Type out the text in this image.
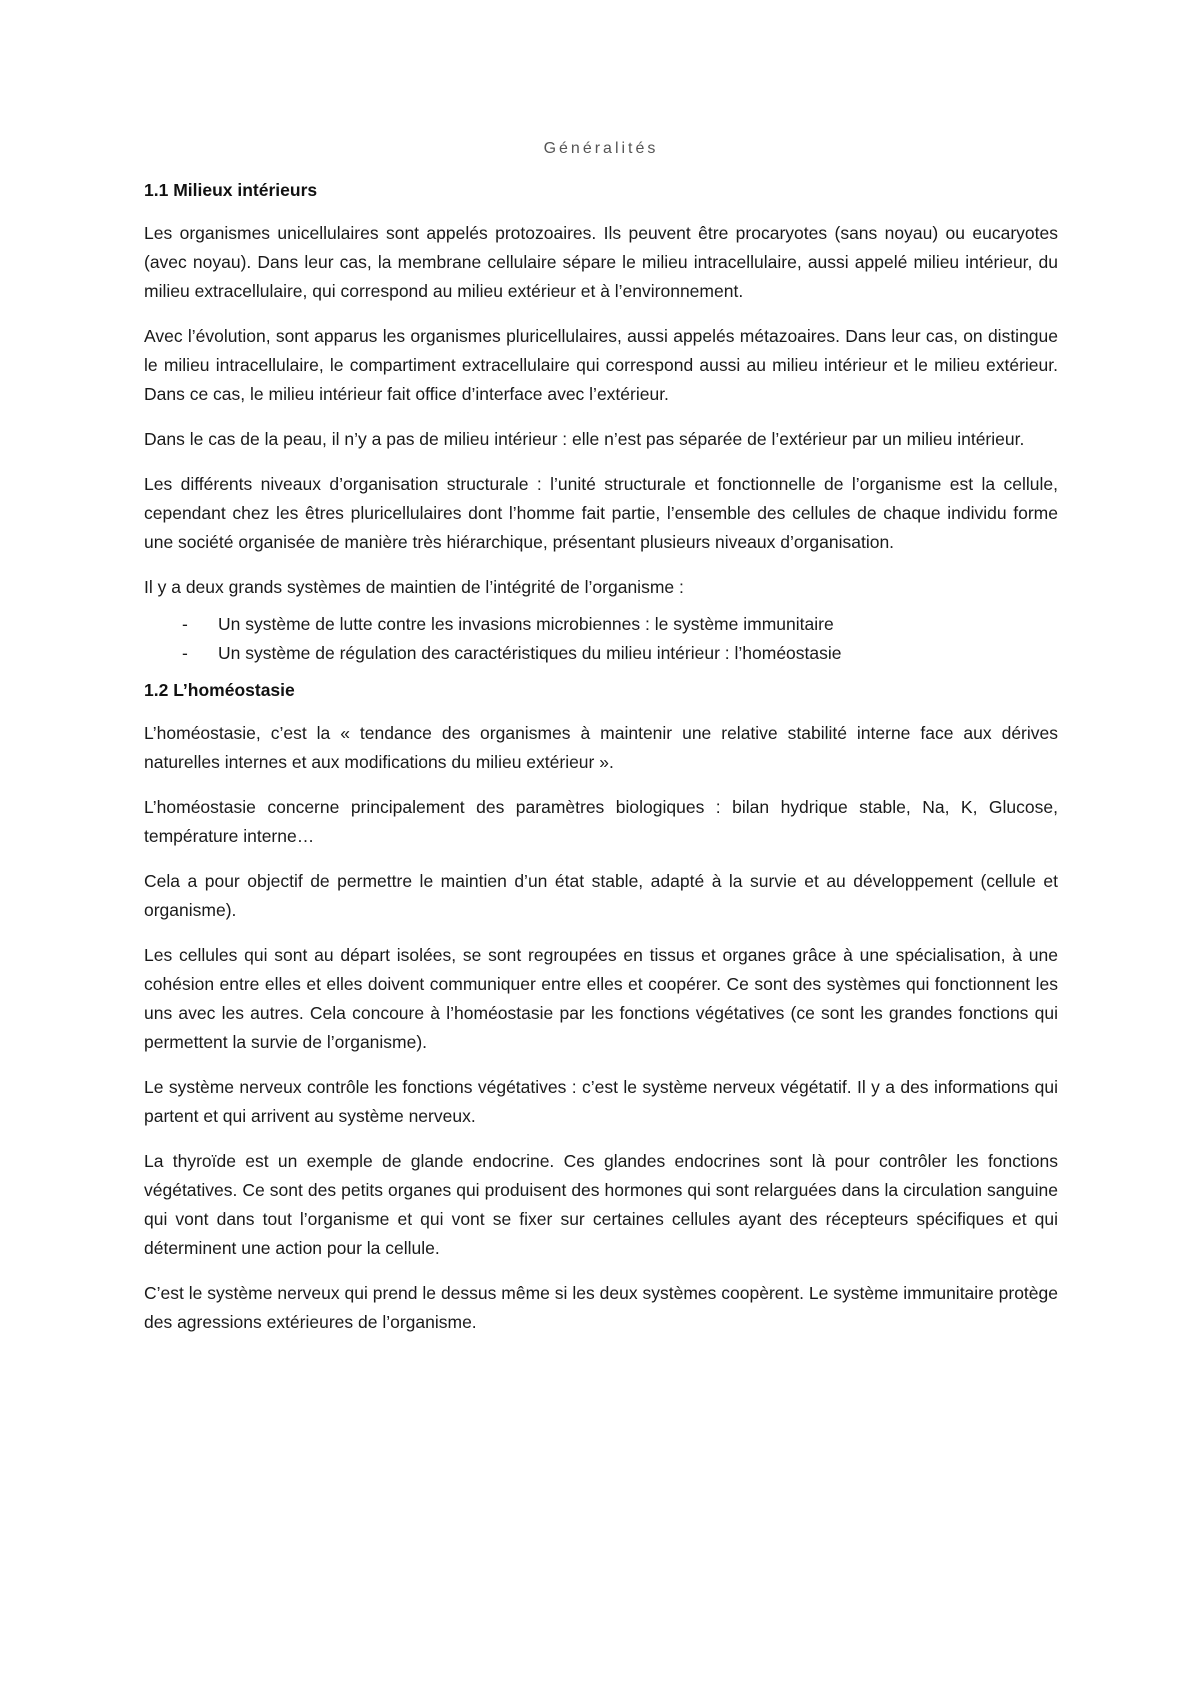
Généralités
1.1 Milieux intérieurs

Les organismes unicellulaires sont appelés protozoaires. Ils peuvent être procaryotes (sans noyau) ou eucaryotes (avec noyau). Dans leur cas, la membrane cellulaire sépare le milieu intracellulaire, aussi appelé milieu intérieur, du milieu extracellulaire, qui correspond au milieu extérieur et à l’environnement.

Avec l’évolution, sont apparus les organismes pluricellulaires, aussi appelés métazoaires. Dans leur cas, on distingue le milieu intracellulaire, le compartiment extracellulaire qui correspond aussi au milieu intérieur et le milieu extérieur. Dans ce cas, le milieu intérieur fait office d’interface avec l’extérieur.

Dans le cas de la peau, il n’y a pas de milieu intérieur : elle n’est pas séparée de l’extérieur par un milieu intérieur.

Les différents niveaux d’organisation structurale : l’unité structurale et fonctionnelle de l’organisme est la cellule, cependant chez les êtres pluricellulaires dont l’homme fait partie, l’ensemble des cellules de chaque individu forme une société organisée de manière très hiérarchique, présentant plusieurs niveaux d’organisation.

Il y a deux grands systèmes de maintien de l’intégrité de l’organisme :

-	Un système de lutte contre les invasions microbiennes : le système immunitaire
-	Un système de régulation des caractéristiques du milieu intérieur : l’homéostasie
1.2 L’homéostasie

L’homéostasie, c’est la « tendance des organismes à maintenir une relative stabilité interne face aux dérives naturelles internes et aux modifications du milieu extérieur ».

L’homéostasie concerne principalement des paramètres biologiques : bilan hydrique stable, Na, K, Glucose, température interne…

Cela a pour objectif de permettre le maintien d’un état stable, adapté à la survie et au développement (cellule et organisme).

Les cellules qui sont au départ isolées, se sont regroupées en tissus et organes grâce à une spécialisation, à une cohésion entre elles et elles doivent communiquer entre elles et coopérer. Ce sont des systèmes qui fonctionnent les uns avec les autres. Cela concoure à l’homéostasie par les fonctions végétatives (ce sont les grandes fonctions qui permettent la survie de l’organisme).

Le système nerveux contrôle les fonctions végétatives : c’est le système nerveux végétatif. Il y a des informations qui partent et qui arrivent au système nerveux.

La thyroïde est un exemple de glande endocrine. Ces glandes endocrines sont là pour contrôler les fonctions végétatives. Ce sont des petits organes qui produisent des hormones qui sont relarguées dans la circulation sanguine qui vont dans tout l’organisme et qui vont se fixer sur certaines cellules ayant des récepteurs spécifiques et qui déterminent une action pour la cellule.

C’est le système nerveux qui prend le dessus même si les deux systèmes coopèrent. Le système immunitaire protège des agressions extérieures de l’organisme.
